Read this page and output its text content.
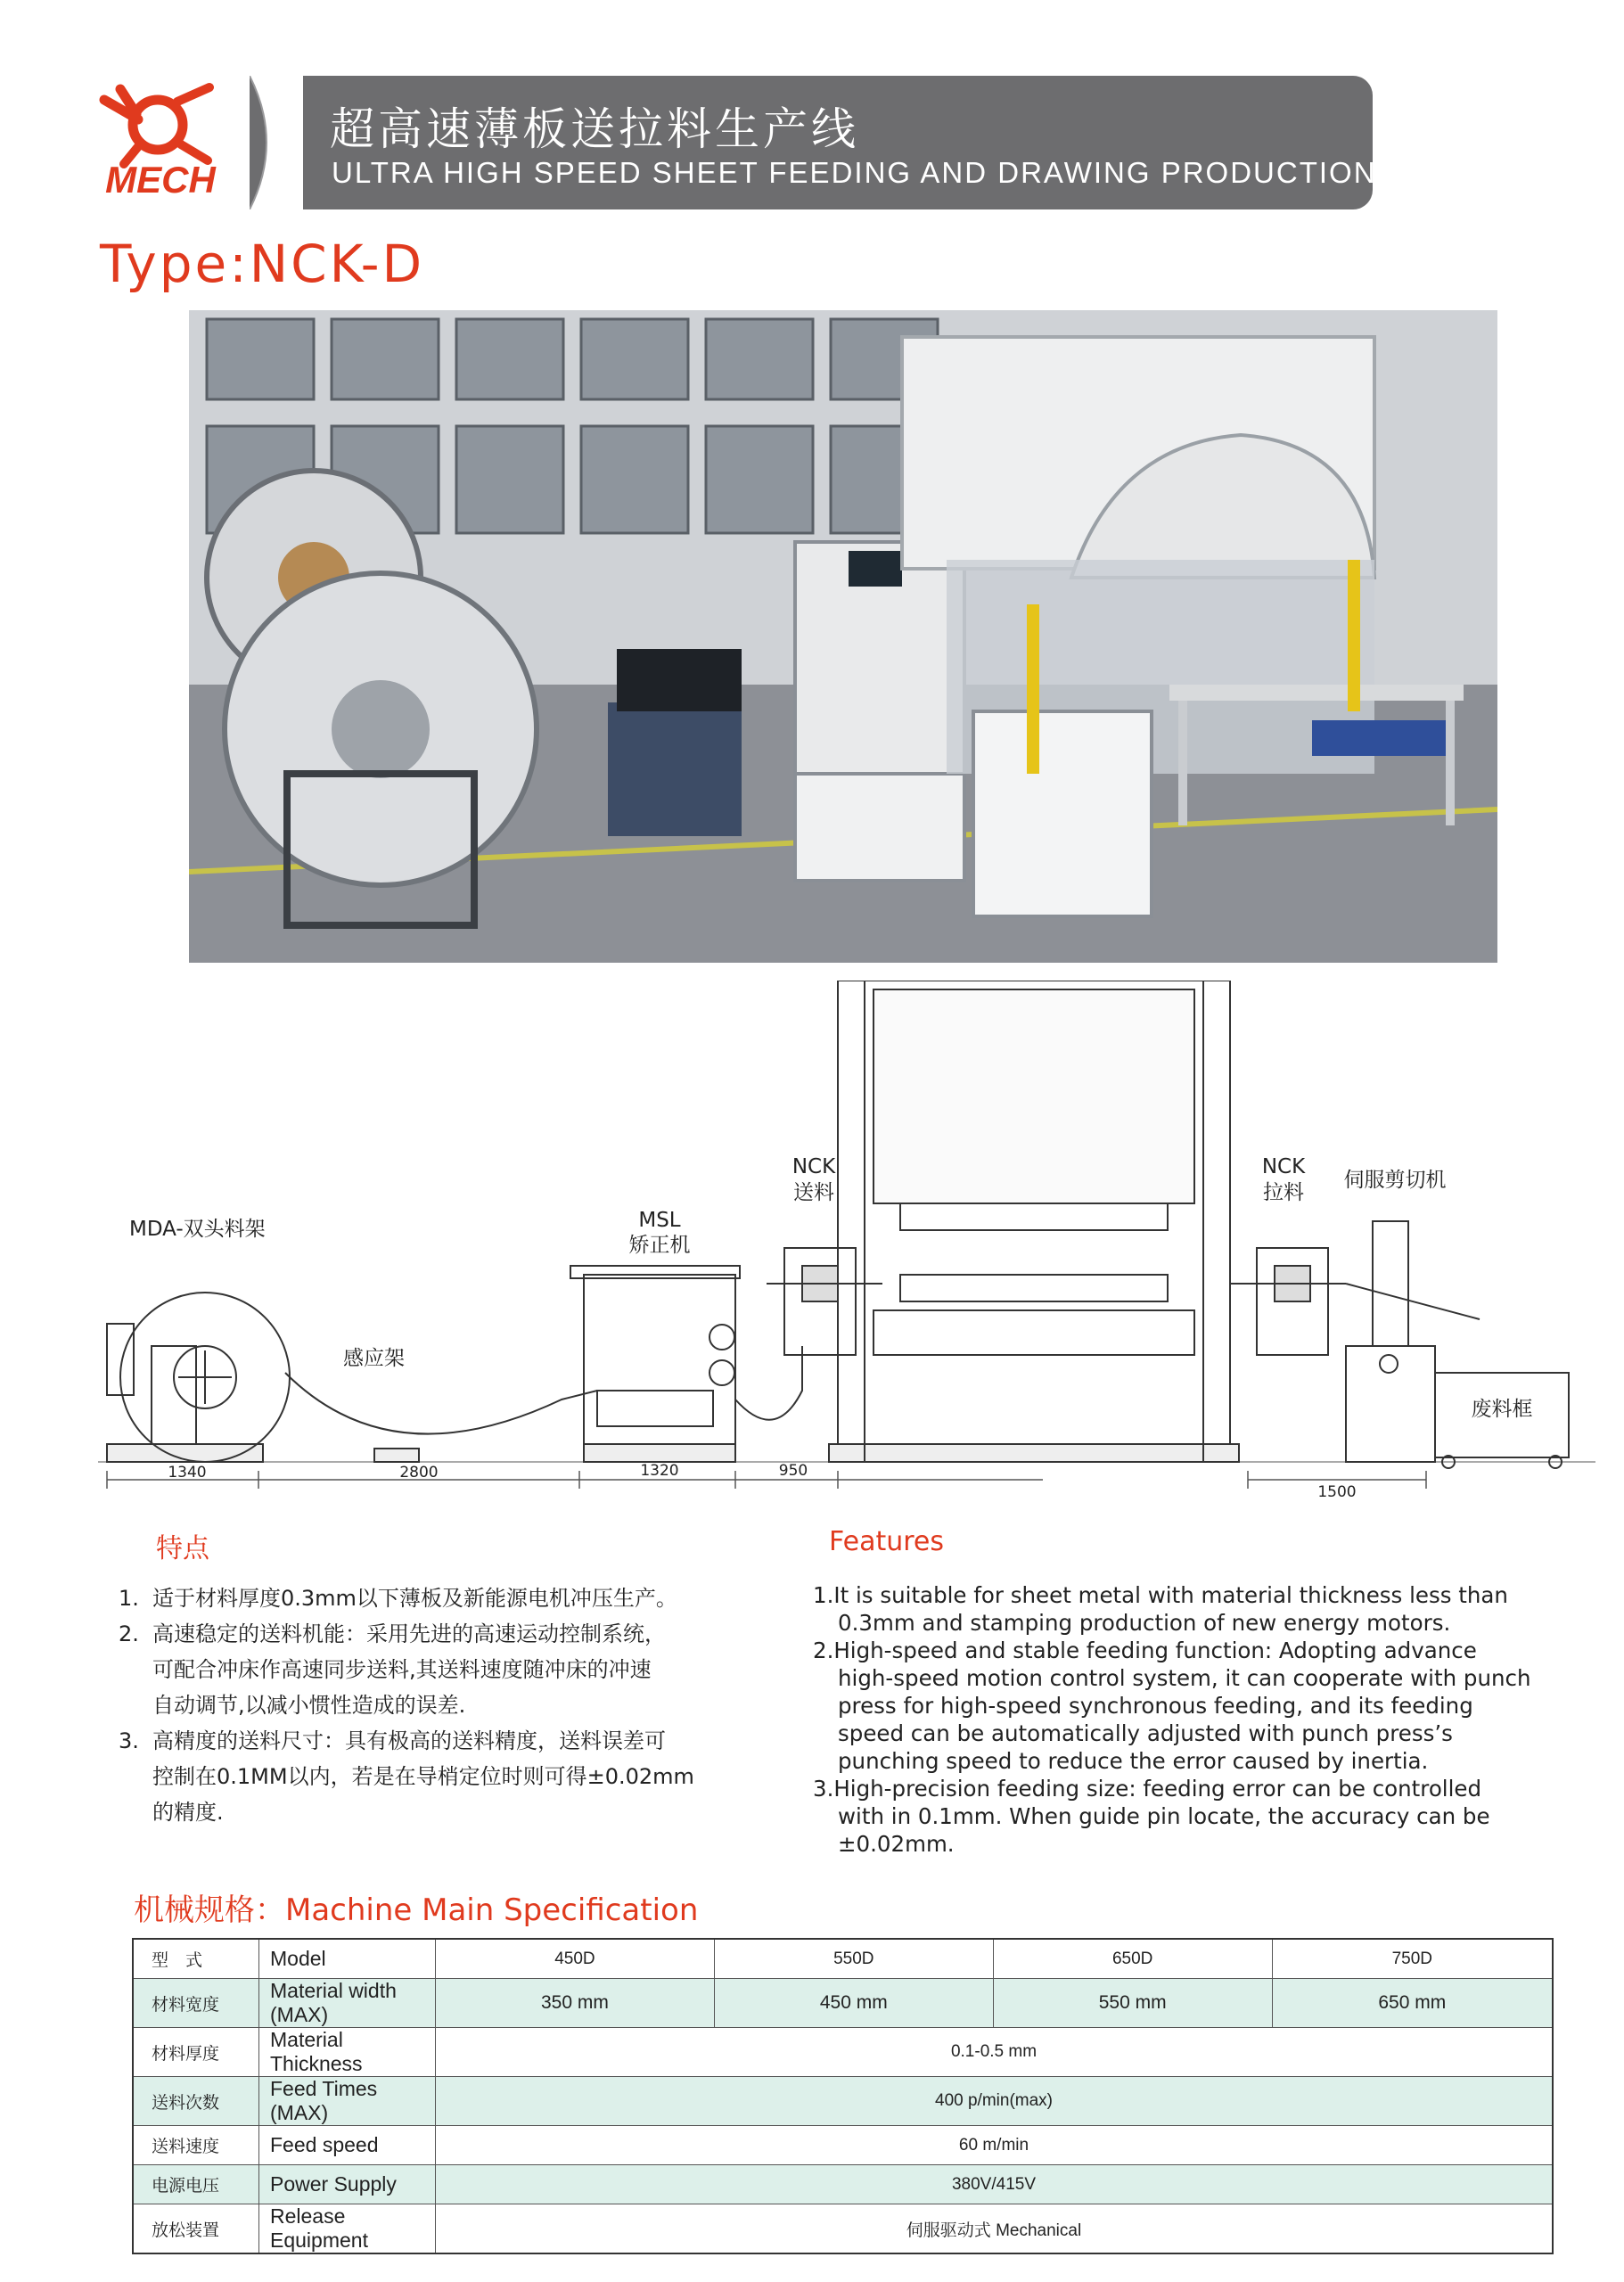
MECH
超高速薄板送拉料生产线
ULTRA HIGH SPEED SHEET FEEDING AND DRAWING PRODUCTION LINE
Type:NCK-D
MDA-双头料架
感应架
MSL
矫正机
NCK
送料
NCK
拉料
伺服剪切机
废料框
1340	2800	1320	950
1500
特点

1. 适于材料厚度0.3mm以下薄板及新能源电机冲压生产。

2. 高速稳定的送料机能：采用先进的高速运动控制系统，

可配合冲床作高速同步送料,其送料速度随冲床的冲速

自动调节,以减小惯性造成的误差.

3. 高精度的送料尺寸：具有极高的送料精度，送料误差可

控制在0.1MM以内，若是在导梢定位时则可得±0.02mm

的精度.

Features

1.It is suitable for sheet metal with material thickness less than

0.3mm and stamping production of new energy motors.

2.High-speed and stable feeding function: Adopting advance

high-speed motion control system, it can cooperate with punch

press for high-speed synchronous feeding, and its feeding

speed can be automatically adjusted with punch press’s

punching speed to reduce the error caused by inertia.

3.High-precision feeding size: feeding error can be controlled

with in 0.1mm. When guide pin locate, the accuracy can be

±0.02mm.

机械规格：Machine Main Specification
型　式	Model	450D	550D	650D	750D
材料宽度	Material width (MAX)	350 mm	450 mm	550 mm	650 mm
材料厚度	Material Thickness	0.1-0.5 mm			
送料次数	Feed Times (MAX)	400 p/min(max)			
送料速度	Feed speed	60 m/min			
电源电压	Power Supply	380V/415V			
放松装置	Release Equipment	伺服驱动式 Mechanical			
